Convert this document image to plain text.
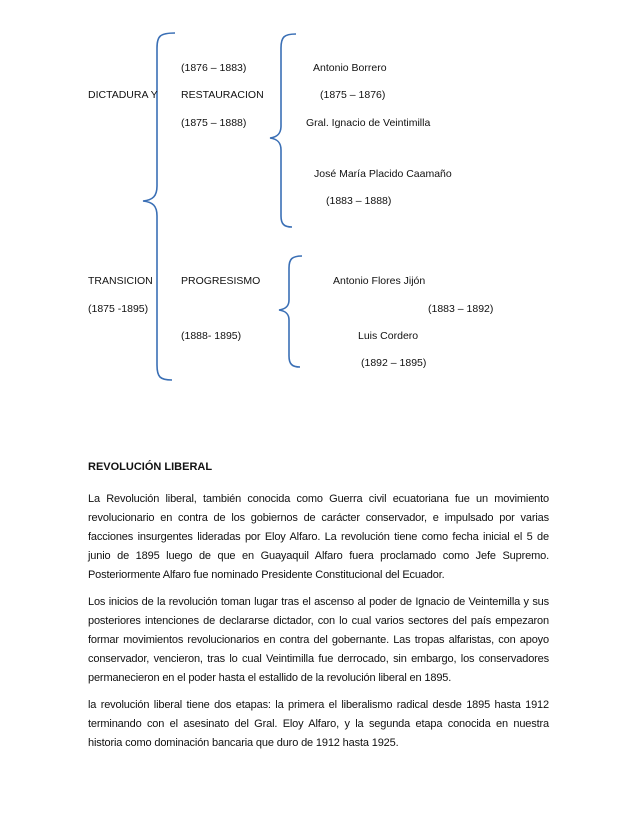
DICTADURA Y
TRANSICION
(1875 -1895)
(1876 – 1883)
RESTAURACION
(1875 – 1888)
PROGRESISMO
(1888- 1895)
Antonio Borrero
(1875 – 1876)
Gral. Ignacio de Veintimilla
José María Placido Caamaño
(1883 – 1888)
Antonio Flores Jijón
(1883 – 1892)
Luis Cordero
(1892 – 1895)
REVOLUCIÓN LIBERAL

La Revolución liberal, también conocida como Guerra civil ecuatoriana fue un movimiento revolucionario en contra de los gobiernos de carácter conservador, e impulsado por varias facciones insurgentes lideradas por Eloy Alfaro. La revolución tiene como fecha inicial el 5 de junio de 1895 luego de que en Guayaquil Alfaro fuera proclamado como Jefe Supremo. Posteriormente Alfaro fue nominado Presidente Constitucional del Ecuador.

Los inicios de la revolución toman lugar tras el ascenso al poder de Ignacio de Veintemilla y sus posteriores intenciones de declararse dictador, con lo cual varios sectores del país empezaron formar movimientos revolucionarios en contra del gobernante. Las tropas alfaristas, con apoyo conservador, vencieron, tras lo cual Veintimilla fue derrocado, sin embargo, los conservadores permanecieron en el poder hasta el estallido de la revolución liberal en 1895.

la revolución liberal tiene dos etapas: la primera el liberalismo radical desde 1895 hasta 1912 terminando con el asesinato del Gral. Eloy Alfaro, y la segunda etapa conocida en nuestra historia como dominación bancaria que duro de 1912 hasta 1925.
